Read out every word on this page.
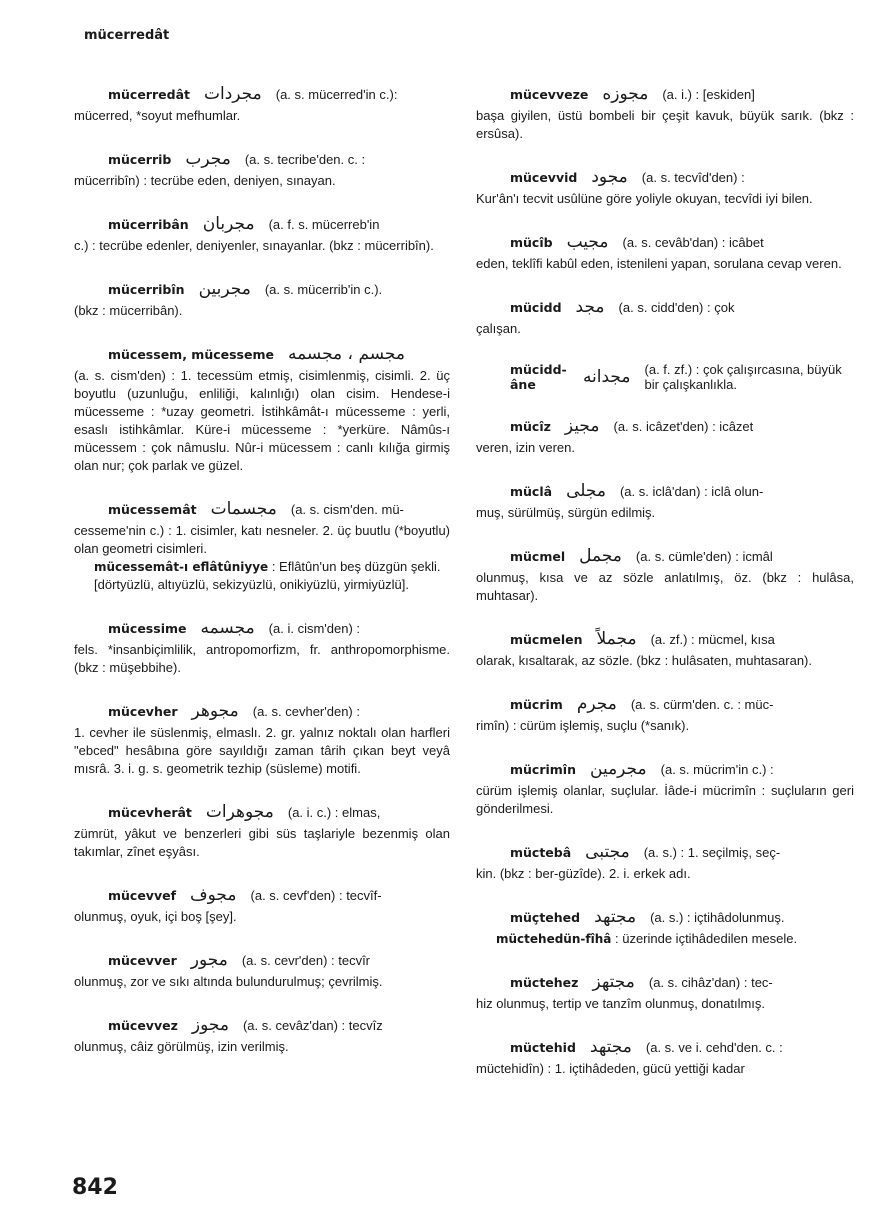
mücerredât
mücerredât مجردات (a. s. mücerred'in c.):
mücerred, *soyut mefhumlar.
mücerrib مجرب (a. s. tecribe'den. c. :
mücerribîn) : tecrübe eden, deniyen, sınayan.
mücerribân مجربان (a. f. s. mücerreb'in
c.) : tecrübe edenler, deniyenler, sınayanlar. (bkz : mücerribîn).
mücerribîn مجربين (a. s. mücerrib'in c.).
(bkz : mücerribân).
mücessem, mücesseme مجسم ، مجسمه
(a. s. cism'den) : 1. tecessüm etmiş, cisimlenmiş, cisimli. 2. üç boyutlu (uzunluğu, enliliği, kalınlığı) olan cisim. Hendese-i mücesseme : *uzay geometri. İstihkâmât-ı mücesseme : yerli, esaslı istihkâmlar. Küre-i mücesseme : *yerküre. Nâmûs-ı mücessem : çok nâmuslu. Nûr-i mücessem : canlı kılığa girmiş olan nur; çok parlak ve güzel.
mücessemât مجسمات (a. s. cism'den. mü-
cesseme'nin c.) : 1. cisimler, katı nesneler. 2. üç buutlu (*boyutlu) olan geometri cisimleri.
mücessemât-ı eflâtûniyye : Eflâtûn'un beş düzgün şekli. [dörtyüzlü, altıyüzlü, sekizyüzlü, onikiyüzlü, yirmiyüzlü].
mücessime مجسمه (a. i. cism'den) :
fels. *insanbiçimlilik, antropomorfizm, fr. anthropomorphisme. (bkz : müşebbihe).
mücevher مجوهر (a. s. cevher'den) :
1. cevher ile süslenmiş, elmaslı. 2. gr. yalnız noktalı olan harfleri "ebced" hesâbına göre sayıldığı zaman târih çıkan beyt veyâ mısrâ. 3. i. g. s. geometrik tezhip (süsleme) motifi.
mücevherât مجوهرات (a. i. c.) : elmas,
zümrüt, yâkut ve benzerleri gibi süs taşlariyle bezenmiş olan takımlar, zînet eşyâsı.
mücevvef مجوف (a. s. cevf'den) : tecvîf-
olunmuş, oyuk, içi boş [şey].
mücevver مجور (a. s. cevr'den) : tecvîr
olunmuş, zor ve sıkı altında bulundurulmuş; çevrilmiş.
mücevvez مجوز (a. s. cevâz'dan) : tecvîz
olunmuş, câiz görülmüş, izin verilmiş.
mücevveze مجوزه (a. i.) : [eskiden]
başa giyilen, üstü bombeli bir çeşit kavuk, büyük sarık. (bkz : ersûsa).
mücevvid مجود (a. s. tecvîd'den) :
Kur'ân'ı tecvit usûlüne göre yoliyle okuyan, tecvîdi iyi bilen.
mücîb مجيب (a. s. cevâb'dan) : icâbet
eden, teklîfi kabûl eden, istenileni yapan, sorulana cevap veren.
mücidd مجد (a. s. cidd'den) : çok
çalışan.
mücidd-âne	مجدانه (a. f. zf.) : çok çalışırcasına, büyük bir çalışkanlıkla.
mücîz مجيز (a. s. icâzet'den) : icâzet
veren, izin veren.
müclâ مجلى (a. s. iclâ'dan) : iclâ olun-
muş, sürülmüş, sürgün edilmiş.
mücmel مجمل (a. s. cümle'den) : icmâl
olunmuş, kısa ve az sözle anlatılmış, öz. (bkz : hulâsa, muhtasar).
mücmelen مجملاً (a. zf.) : mücmel, kısa
olarak, kısaltarak, az sözle. (bkz : hulâsaten, muhtasaran).
mücrim مجرم (a. s. cürm'den. c. : müc-
rimîn) : cürüm işlemiş, suçlu (*sanık).
mücrimîn مجرمين (a. s. mücrim'in c.) :
cürüm işlemiş olanlar, suçlular. İâde-i mücrimîn : suçluların geri gönderilmesi.
müctebâ مجتبى (a. s.) : 1. seçilmiş, seç-
kin. (bkz : ber-güzîde). 2. i. erkek adı.
müçtehed مجتهد (a. s.) : içtihâdolunmuş.
müctehedün-fîhâ : üzerinde içtihâdedilen mesele.
müctehez مجتهز (a. s. cihâz'dan) : tec-
hiz olunmuş, tertip ve tanzîm olunmuş, donatılmış.
müctehid مجتهد (a. s. ve i. cehd'den. c. :
müctehidîn) : 1. içtihâdeden, gücü yettiği kadar
842
